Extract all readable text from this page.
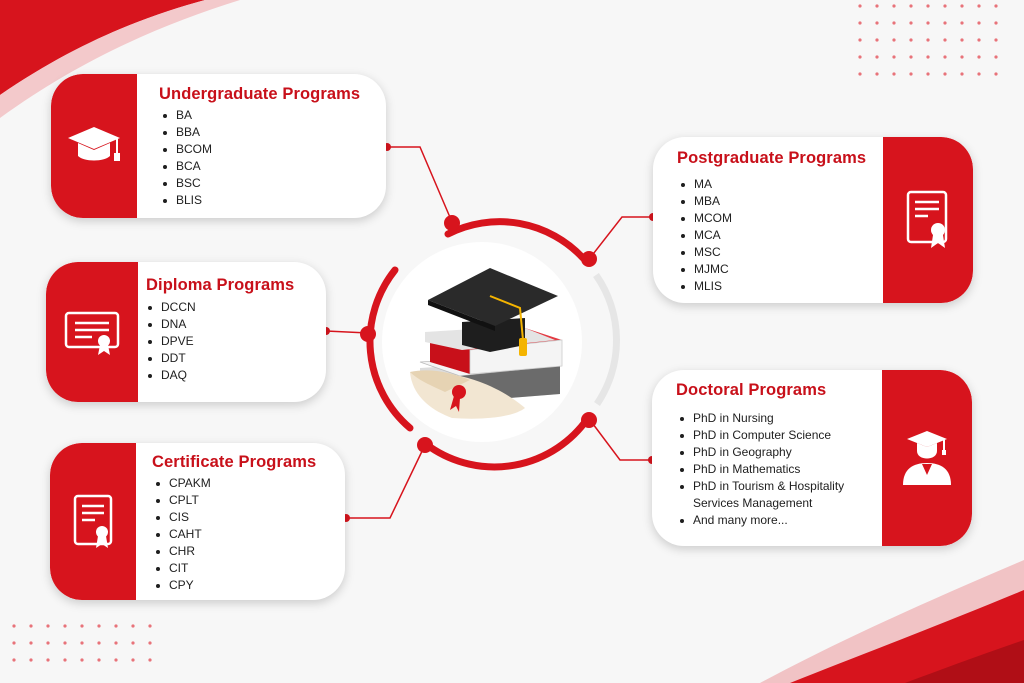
Undergraduate Programs
BA
BBA
BCOM
BCA
BSC
BLIS
Diploma Programs
DCCN
DNA
DPVE
DDT
DAQ
Certificate Programs
CPAKM
CPLT
CIS
CAHT
CHR
CIT
CPY
Postgraduate Programs
MA
MBA
MCOM
MCA
MSC
MJMC
MLIS
Doctoral Programs
PhD in Nursing
PhD in Computer Science
PhD in Geography
PhD in Mathematics
PhD in Tourism & Hospitality
Services Management
And many more...
